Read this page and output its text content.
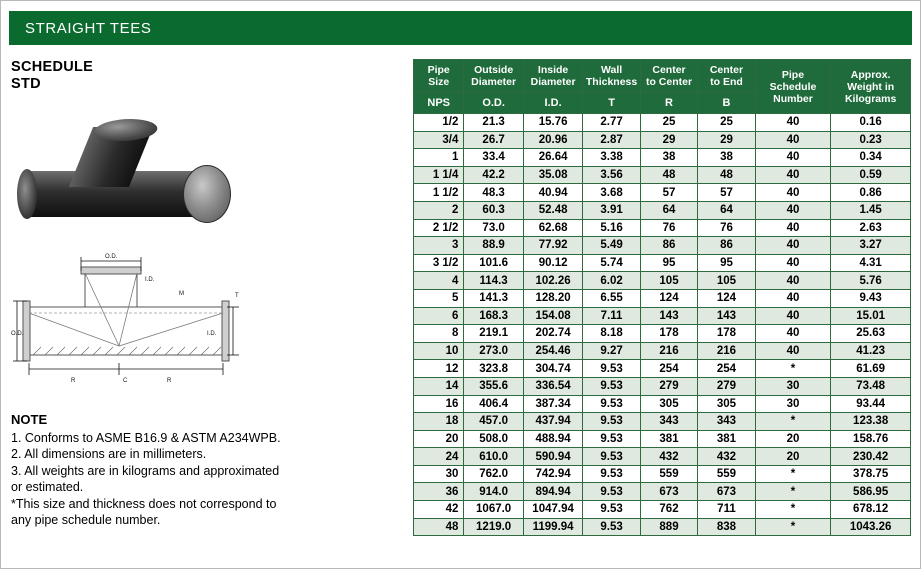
STRAIGHT TEES
SCHEDULE
STD
O.D.
I.D.
O.D.	I.D.
T
M
R	R
C
NOTE
1. Conforms to ASME B16.9 & ASTM A234WPB.
2. All dimensions are in millimeters.
3. All weights are in kilograms and approximated
or estimated.
*This size and thickness does not correspond to
any pipe schedule number.
Pipe
Size

Outside
Diameter

Inside
Diameter

Wall
Thickness

Center
to Center

Center
to End

Pipe
Schedule
Number

Approx.
Weight in
Kilograms

NPS	O.D.	I.D.	T	R	B		
1/2	21.3	15.76	2.77	25	25	40	0.16
3/4	26.7	20.96	2.87	29	29	40	0.23
1	33.4	26.64	3.38	38	38	40	0.34
1 1/4	42.2	35.08	3.56	48	48	40	0.59
1 1/2	48.3	40.94	3.68	57	57	40	0.86
2	60.3	52.48	3.91	64	64	40	1.45
2 1/2	73.0	62.68	5.16	76	76	40	2.63
3	88.9	77.92	5.49	86	86	40	3.27
3 1/2	101.6	90.12	5.74	95	95	40	4.31
4	114.3	102.26	6.02	105	105	40	5.76
5	141.3	128.20	6.55	124	124	40	9.43
6	168.3	154.08	7.11	143	143	40	15.01
8	219.1	202.74	8.18	178	178	40	25.63
10	273.0	254.46	9.27	216	216	40	41.23
12	323.8	304.74	9.53	254	254	*	61.69
14	355.6	336.54	9.53	279	279	30	73.48
16	406.4	387.34	9.53	305	305	30	93.44
18	457.0	437.94	9.53	343	343	*	123.38
20	508.0	488.94	9.53	381	381	20	158.76
24	610.0	590.94	9.53	432	432	20	230.42
30	762.0	742.94	9.53	559	559	*	378.75
36	914.0	894.94	9.53	673	673	*	586.95
42	1067.0	1047.94	9.53	762	711	*	678.12
48	1219.0	1199.94	9.53	889	838	*	1043.26
